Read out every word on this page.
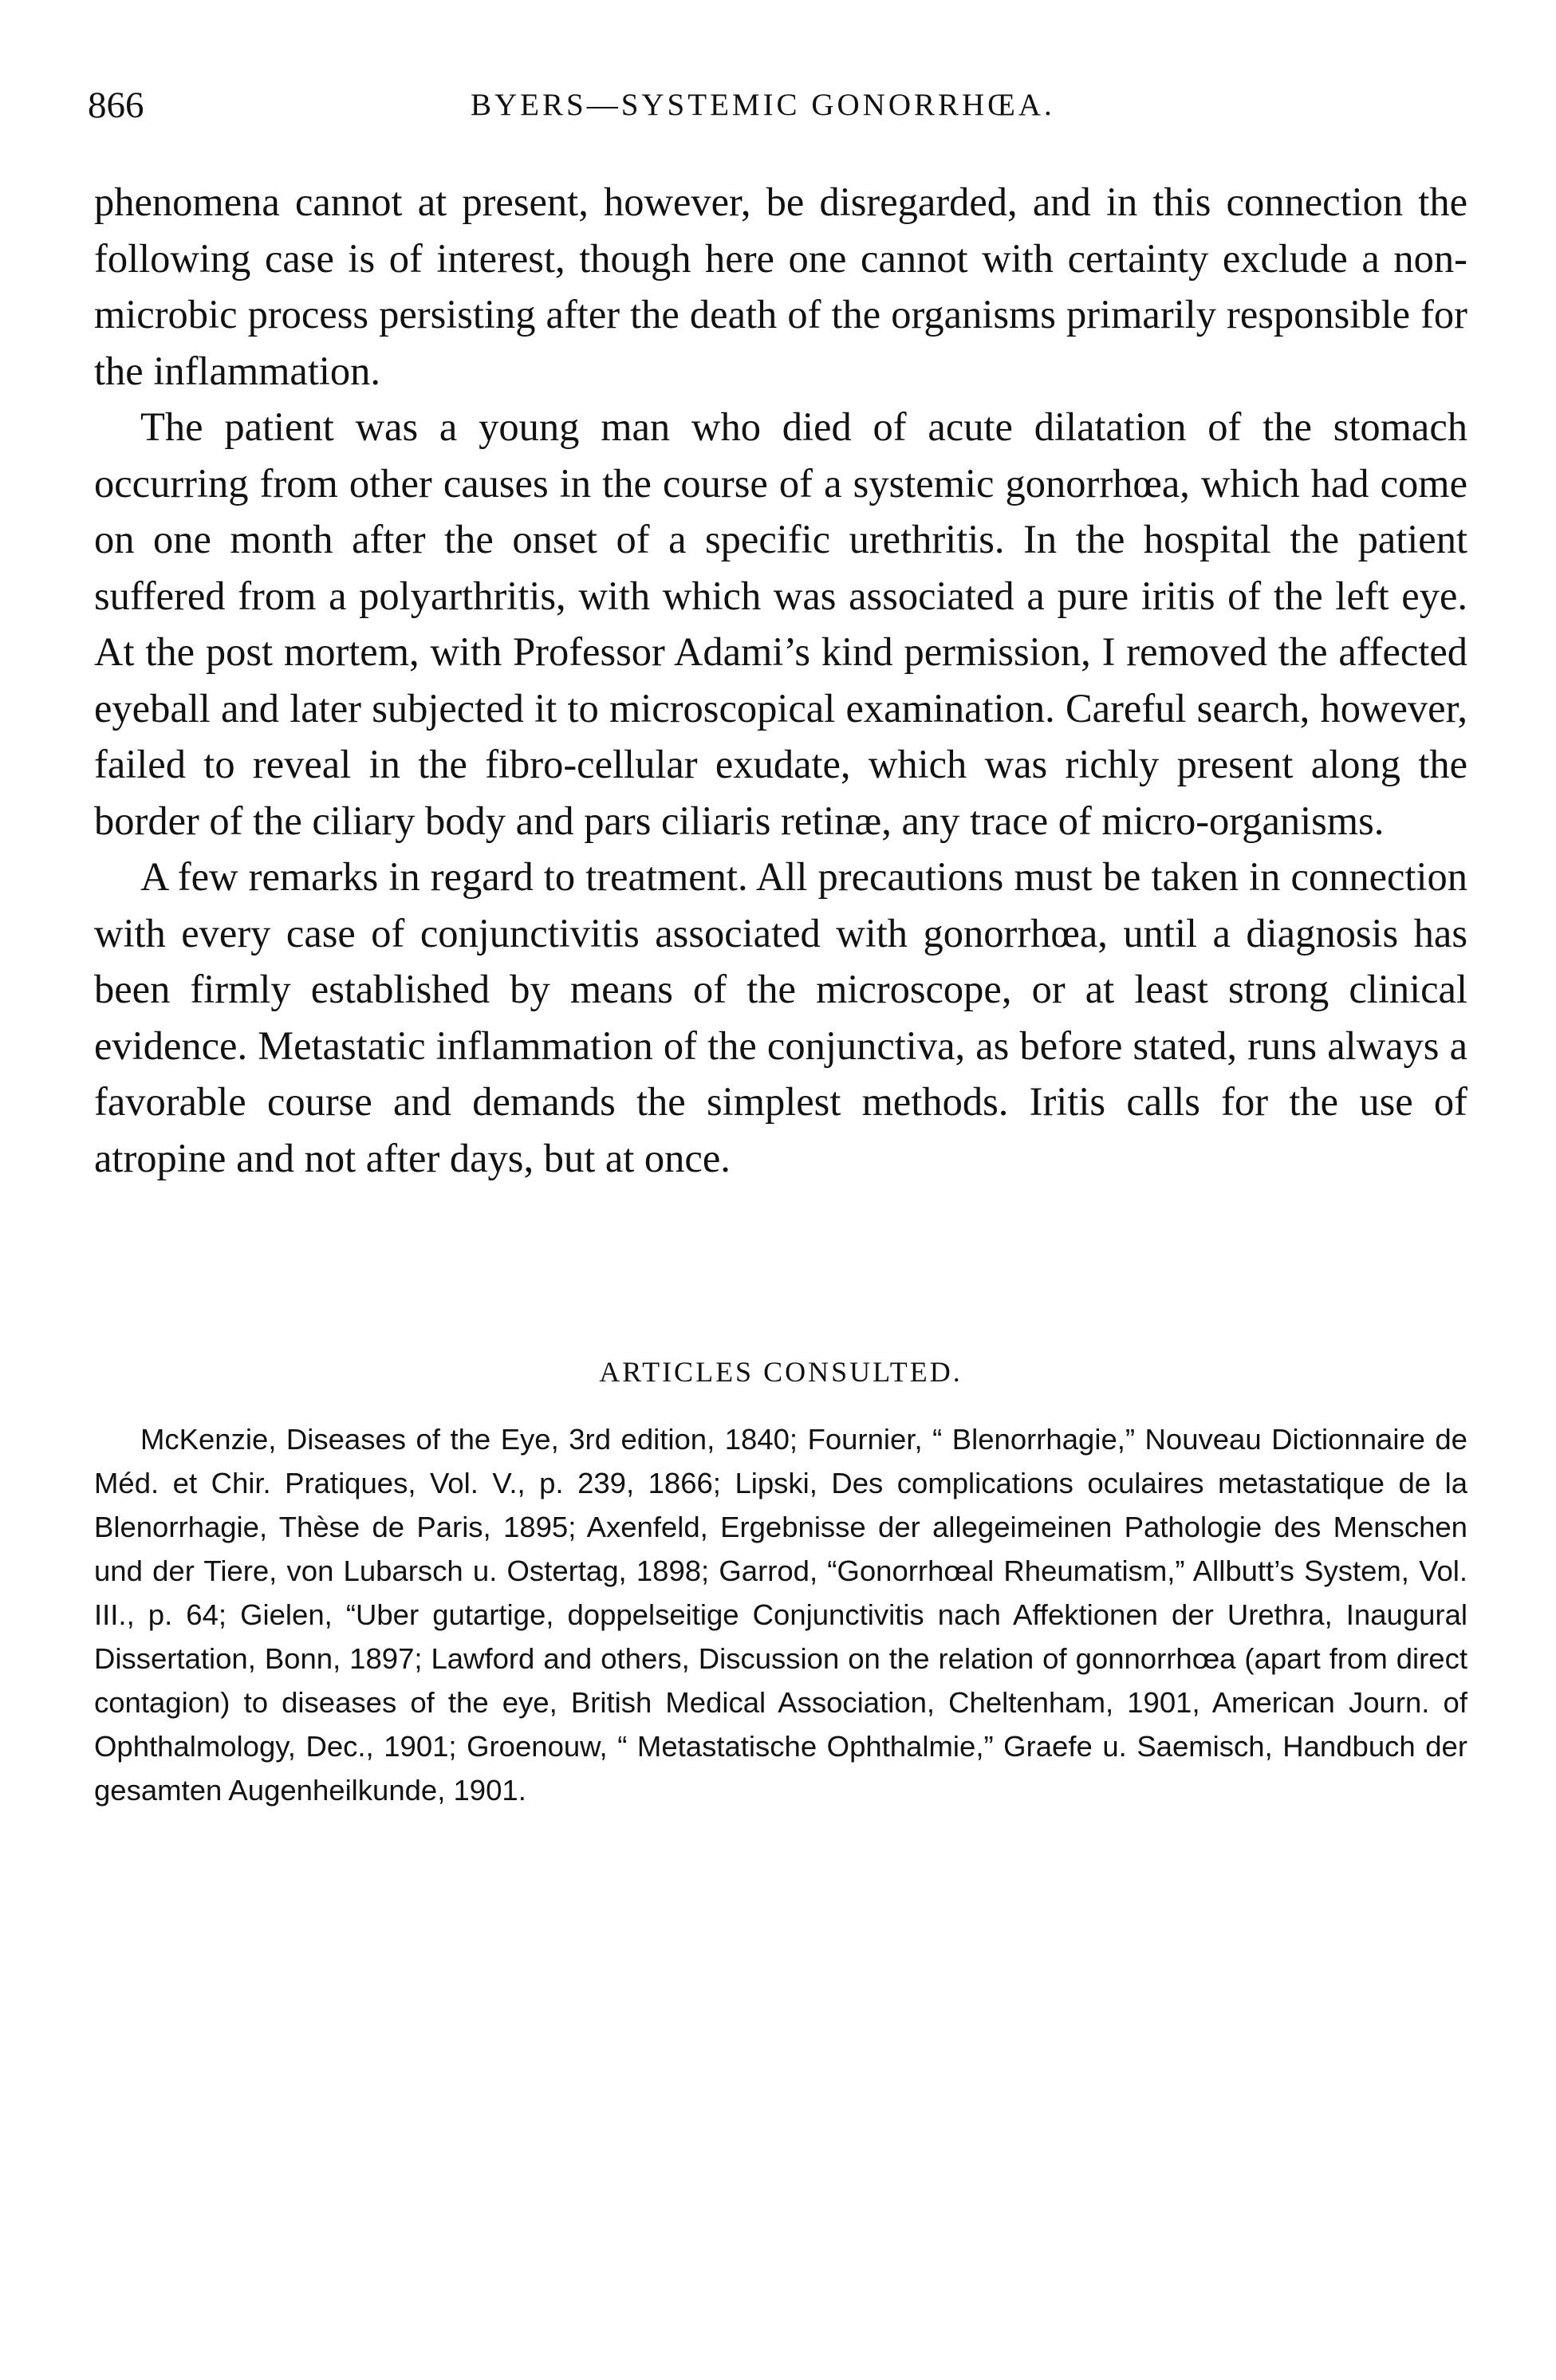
866	BYERS—SYSTEMIC GONORRHŒA.

phenomena cannot at present, however, be disregarded, and in this connection the following case is of interest, though here one cannot with certainty exclude a non-microbic process persisting after the death of the organisms primarily responsible for the inflammation.

The patient was a young man who died of acute dilatation of the stomach occurring from other causes in the course of a systemic gonorrhœa, which had come on one month after the onset of a specific urethritis. In the hospital the patient suffered from a polyarthritis, with which was associated a pure iritis of the left eye. At the post mortem, with Professor Adami’s kind permission, I removed the affected eyeball and later subjected it to microscopical examination. Careful search, however, failed to reveal in the fibro-cellular exudate, which was richly present along the border of the ciliary body and pars ciliaris retinæ, any trace of micro-organisms.

A few remarks in regard to treatment. All precautions must be taken in connection with every case of conjunctivitis associated with gonorrhœa, until a diagnosis has been firmly established by means of the microscope, or at least strong clinical evidence. Metastatic inflammation of the conjunctiva, as before stated, runs always a favorable course and demands the simplest methods. Iritis calls for the use of atropine and not after days, but at once.

ARTICLES CONSULTED.

McKenzie, Diseases of the Eye, 3rd edition, 1840; Fournier, “ Blenorrhagie,” Nouveau Dictionnaire de Méd. et Chir. Pratiques, Vol. V., p. 239, 1866; Lipski, Des complications oculaires metastatique de la Blenorrhagie, Thèse de Paris, 1895; Axenfeld, Ergebnisse der allegeimeinen Pathologie des Menschen und der Tiere, von Lubarsch u. Ostertag, 1898; Garrod, “Gonorrhœal Rheumatism,” Allbutt’s System, Vol. III., p. 64; Gielen, “Uber gutartige, doppelseitige Conjunctivitis nach Affektionen der Urethra, Inaugural Dissertation, Bonn, 1897; Lawford and others, Discussion on the relation of gonnorrhœa (apart from direct contagion) to diseases of the eye, British Medical Association, Cheltenham, 1901, American Journ. of Ophthalmology, Dec., 1901; Groenouw, “ Metastatische Ophthalmie,” Graefe u. Saemisch, Handbuch der gesamten Augenheilkunde, 1901.
